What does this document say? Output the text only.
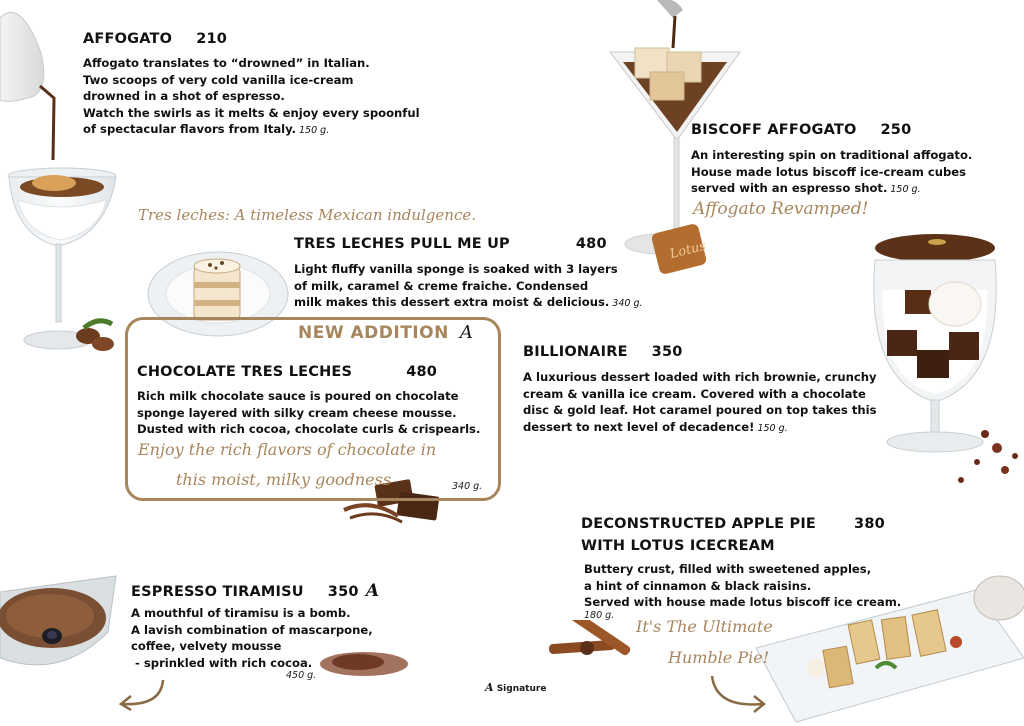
Lotus
AFFOGATO 210
Affogato translates to “drowned” in Italian.
Two scoops of very cold vanilla ice-cream
drowned in a shot of espresso.
Watch the swirls as it melts & enjoy every spoonful
of spectacular flavors from Italy. 150 g.	BISCOFF AFFOGATO 250
An interesting spin on traditional affogato.
House made lotus biscoff ice-cream cubes
served with an espresso shot. 150 g.
Affogato Revamped!
Tres leches: A timeless Mexican indulgence.
TRES LECHES PULL ME UP	480
Light fluffy vanilla sponge is soaked with 3 layers
of milk, caramel & creme fraiche. Condensed
milk makes this dessert extra moist & delicious. 340 g.
NEW ADDITION A
CHOCOLATE TRES LECHES	480
Rich milk chocolate sauce is poured on chocolate
sponge layered with silky cream cheese mousse.
Dusted with rich cocoa, chocolate curls & crispearls.
Enjoy the rich flavors of chocolate in
this moist, milky goodness	340 g.
BILLIONAIRE 350
A luxurious dessert loaded with rich brownie, crunchy
cream & vanilla ice cream. Covered with a chocolate
disc & gold leaf. Hot caramel poured on top takes this
dessert to next level of decadence! 150 g.
DECONSTRUCTED APPLE PIE	380
WITH LOTUS ICECREAM
Buttery crust, filled with sweetened apples,
a hint of cinnamon & black raisins.
Served with house made lotus biscoff ice cream.
180 g.
It's The Ultimate
Humble Pie!
ESPRESSO TIRAMISU 350 A
A mouthful of tiramisu is a bomb.
A lavish combination of mascarpone,
coffee, velvety mousse
- sprinkled with rich cocoa.
450 g.
A Signature
